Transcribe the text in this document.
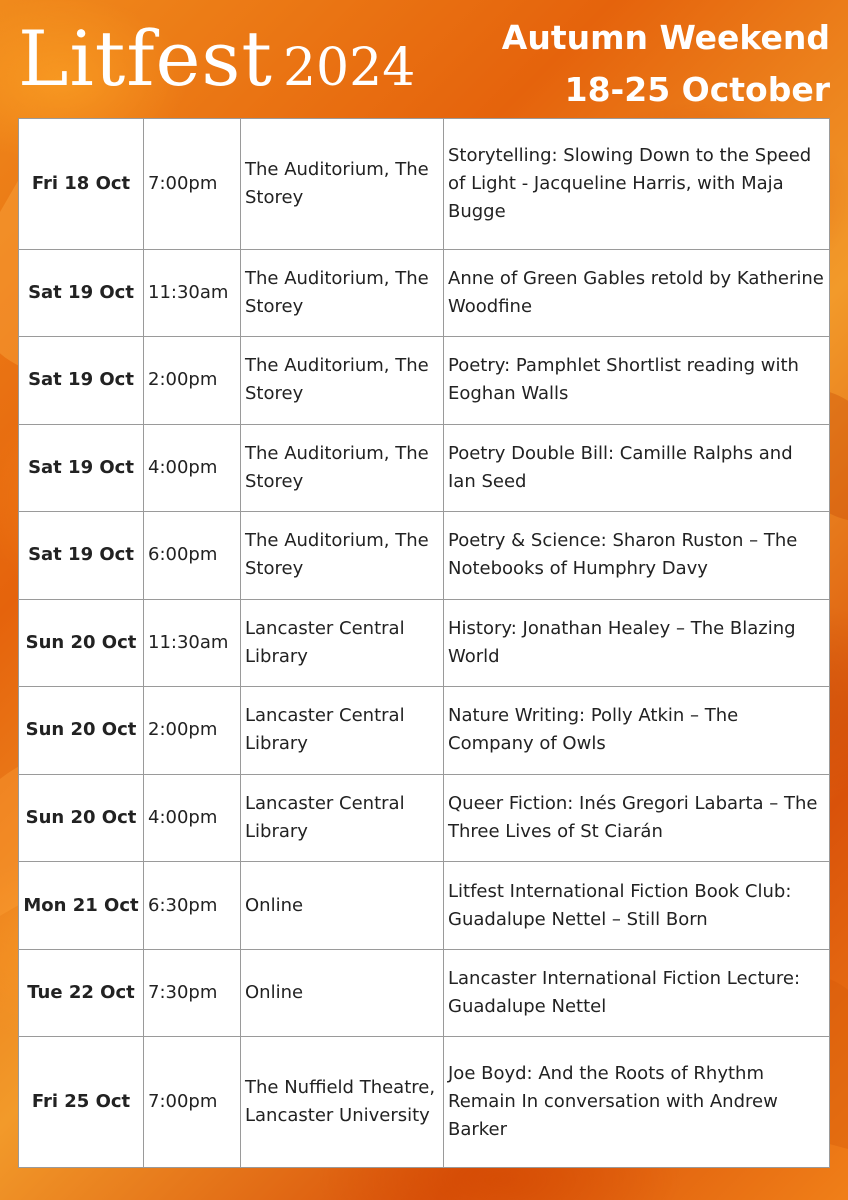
Litfest 2024
Autumn Weekend
18-25 October
Fri 18 Oct	7:00pm	The Auditorium, The Storey	Storytelling: Slowing Down to the Speed of Light - Jacqueline Harris, with Maja Bugge
Sat 19 Oct	11:30am	The Auditorium, The Storey	Anne of Green Gables retold by Katherine Woodfine
Sat 19 Oct	2:00pm	The Auditorium, The Storey	Poetry: Pamphlet Shortlist reading with Eoghan Walls
Sat 19 Oct	4:00pm	The Auditorium, The Storey	Poetry Double Bill: Camille Ralphs and Ian Seed
Sat 19 Oct	6:00pm	The Auditorium, The Storey	Poetry & Science: Sharon Ruston – The Notebooks of Humphry Davy
Sun 20 Oct	11:30am	Lancaster Central Library	History: Jonathan Healey – The Blazing World
Sun 20 Oct	2:00pm	Lancaster Central Library	Nature Writing: Polly Atkin – The Company of Owls
Sun 20 Oct	4:00pm	Lancaster Central Library	Queer Fiction: Inés Gregori Labarta – The Three Lives of St Ciarán
Mon 21 Oct	6:30pm	Online	Litfest International Fiction Book Club: Guadalupe Nettel – Still Born
Tue 22 Oct	7:30pm	Online	Lancaster International Fiction Lecture: Guadalupe Nettel
Fri 25 Oct	7:00pm	The Nuffield Theatre, Lancaster University	Joe Boyd: And the Roots of Rhythm Remain In conversation with Andrew Barker
